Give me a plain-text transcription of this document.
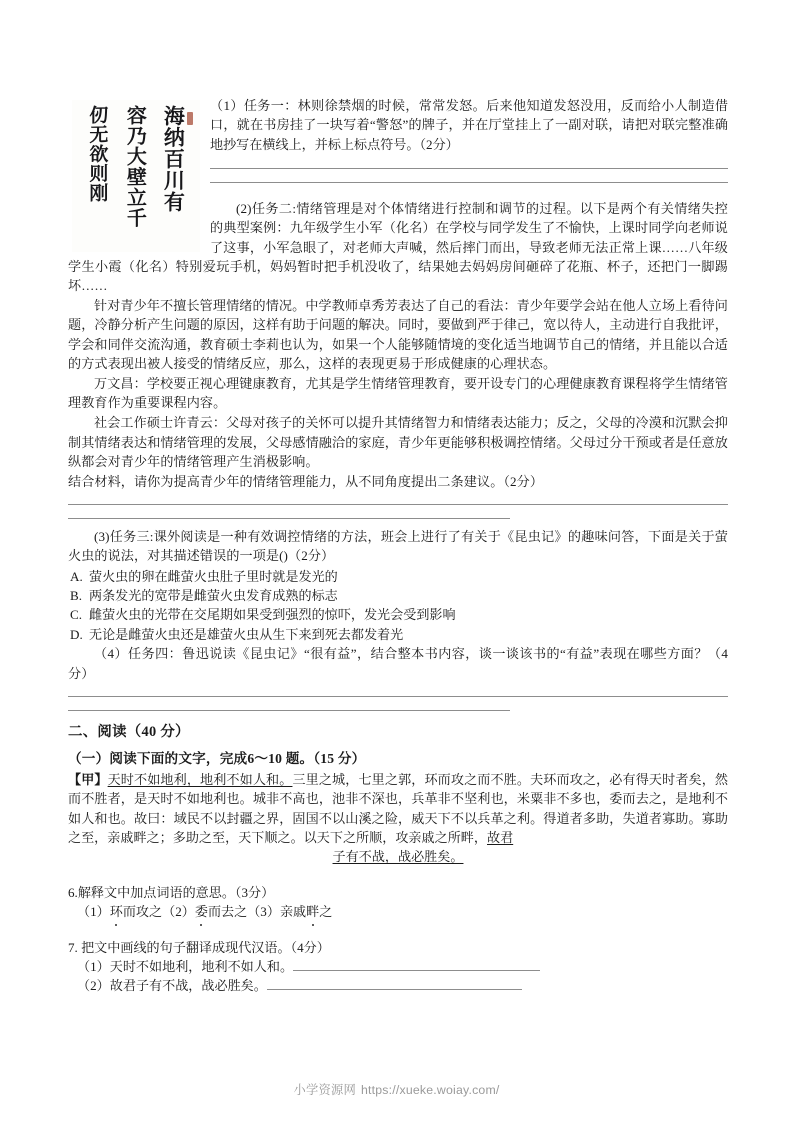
海纳百川有
容乃大壁立千
仞无欲则刚	（1）任务一：林则徐禁烟的时候，常常发怒。后来他知道发怒没用，反而给小人制造借口，就在书房挂了一块写着“警怒”的牌子，并在厅堂挂上了一副对联，请把对联完整准确地抄写在横线上，并标上标点符号。（2分）

(2)任务二:情绪管理是对个体情绪进行控制和调节的过程。以下是两个有关情绪失控的典型案例：九年级学生小军（化名）在学校与同学发生了不愉快，上课时同学向老师说了这事，小军急眼了，对老师大声喊，然后摔门而出，导致老师无法正常上课……八年级学生小霞（化名）特别爱玩手机，妈妈暂时把手机没收了，结果她去妈妈房间砸碎了花瓶、杯子，还把门一脚踢坏……

针对青少年不擅长管理情绪的情况。中学教师卓秀芳表达了自己的看法：青少年要学会站在他人立场上看待问题，冷静分析产生问题的原因，这样有助于问题的解决。同时，要做到严于律己，宽以待人，主动进行自我批评，学会和同伴交流沟通，教育硕士李莉也认为，如果一个人能够随情境的变化适当地调节自己的情绪，并且能以合适的方式表现出被人接受的情绪反应，那么，这样的表现更易于形成健康的心理状态。

万文昌：学校要正视心理键康教育，尤其是学生情绪管理教育，要开设专门的心理健康教育课程将学生情绪管理教育作为重要课程内容。

社会工作硕士许青云：父母对孩子的关怀可以提升其情绪智力和情绪表达能力；反之，父母的冷漠和沉默会抑制其情绪表达和情绪管理的发展，父母感情融洽的家庭，青少年更能够积极调控情绪。父母过分干预或者是任意放纵都会对青少年的情绪管理产生消极影响。

结合材料，请你为提高青少年的情绪管理能力，从不同角度提出二条建议。（2分）

(3)任务三:课外阅读是一种有效调控情绪的方法，班会上进行了有关于《昆虫记》的趣味问答，下面是关于萤火虫的说法，对其描述错误的一项是()（2分）

A. 萤火虫的卵在雌萤火虫肚子里时就是发光的
B. 两条发光的宽带是雌萤火虫发育成熟的标志
C. 雌萤火虫的光带在交尾期如果受到强烈的惊吓，发光会受到影响
D. 无论是雌萤火虫还是雄萤火虫从生下来到死去都发着光

（4）任务四：鲁迅说读《昆虫记》“很有益”，结合整本书内容，谈一谈该书的“有益”表现在哪些方面？（4分）

二、阅读（40 分）
（一）阅读下面的文字，完成6～10 题。（15 分）

【甲】天时不如地利，地利不如人和。三里之城，七里之郭，环而攻之而不胜。夫环而攻之，必有得天时者矣，然而不胜者，是天时不如地利也。城非不高也，池非不深也，兵革非不坚利也，米粟非不多也，委而去之，是地利不如人和也。故曰：域民不以封疆之界，固国不以山溪之险，威天下不以兵革之利。得道者多助，失道者寡助。寡助之至，亲戚畔之；多助之至，天下顺之。以天下之所顺，攻亲戚之所畔，故君

子有不战，战必胜矣。

6.解释文中加点词语的意思。（3分）

（1）环而攻之（2）委而去之（3）亲戚畔之

7. 把文中画线的句子翻译成现代汉语。（4分）

（1）天时不如地利，地利不如人和。

（2）故君子有不战，战必胜矣。

小学资源网 https://xueke.woiay.com/
